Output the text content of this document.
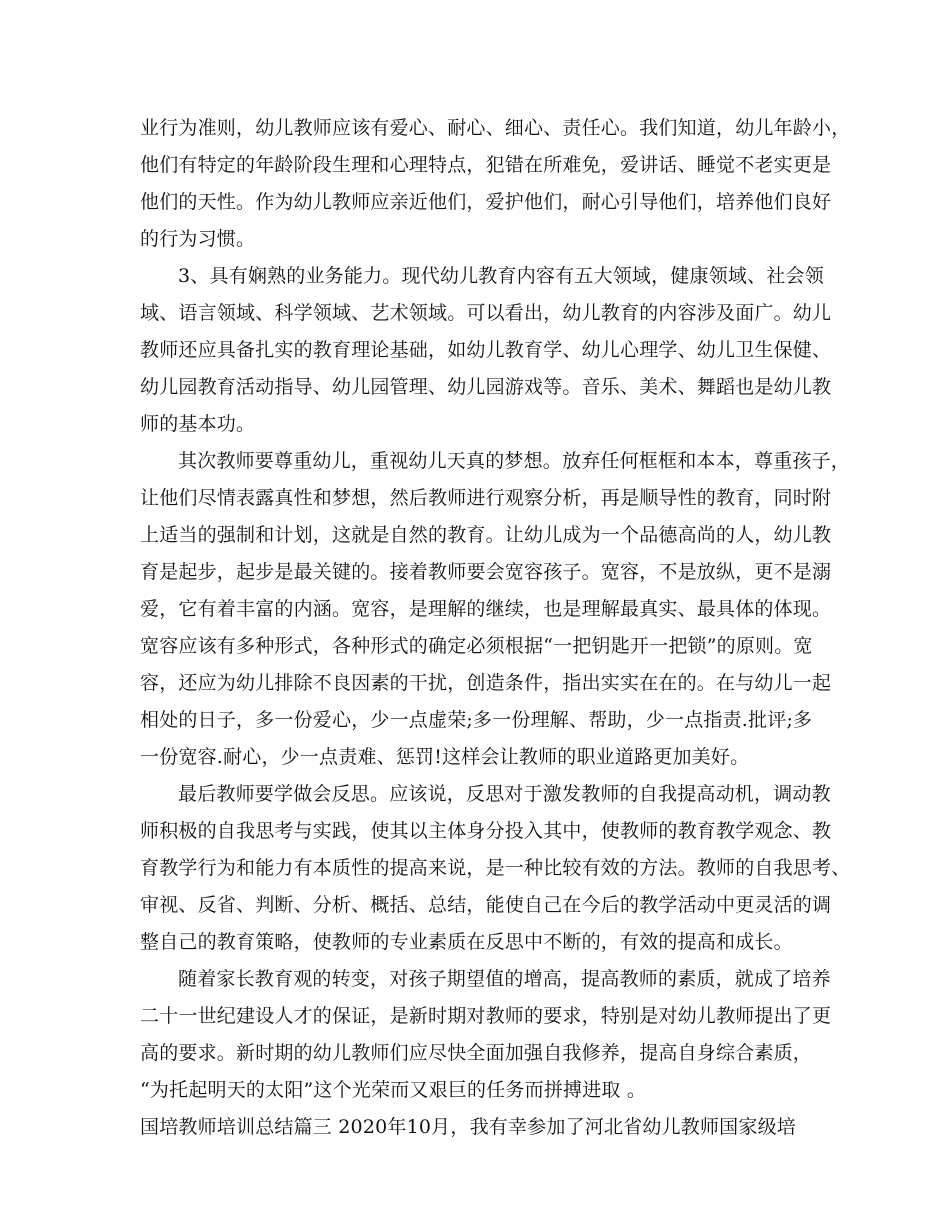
业行为准则，幼儿教师应该有爱心、耐心、细心、责任心。我们知道，幼儿年龄小，
他们有特定的年龄阶段生理和心理特点，犯错在所难免，爱讲话、睡觉不老实更是
他们的天性。作为幼儿教师应亲近他们，爱护他们，耐心引导他们，培养他们良好
的行为习惯。
3、具有娴熟的业务能力。现代幼儿教育内容有五大领域，健康领域、社会领
域、语言领域、科学领域、艺术领域。可以看出，幼儿教育的内容涉及面广。幼儿
教师还应具备扎实的教育理论基础，如幼儿教育学、幼儿心理学、幼儿卫生保健、
幼儿园教育活动指导、幼儿园管理、幼儿园游戏等。音乐、美术、舞蹈也是幼儿教
师的基本功。
其次教师要尊重幼儿，重视幼儿天真的梦想。放弃任何框框和本本，尊重孩子，
让他们尽情表露真性和梦想，然后教师进行观察分析，再是顺导性的教育，同时附
上适当的强制和计划，这就是自然的教育。让幼儿成为一个品德高尚的人，幼儿教
育是起步，起步是最关键的。接着教师要会宽容孩子。宽容，不是放纵，更不是溺
爱，它有着丰富的内涵。宽容，是理解的继续，也是理解最真实、最具体的体现。
宽容应该有多种形式，各种形式的确定必须根据“一把钥匙开一把锁”的原则。宽
容，还应为幼儿排除不良因素的干扰，创造条件，指出实实在在的。在与幼儿一起
相处的日子，多一份爱心，少一点虚荣;多一份理解、帮助，少一点指责.批评;多
一份宽容.耐心，少一点责难、惩罚!这样会让教师的职业道路更加美好。
最后教师要学做会反思。应该说，反思对于激发教师的自我提高动机，调动教
师积极的自我思考与实践，使其以主体身分投入其中，使教师的教育教学观念、教
育教学行为和能力有本质性的提高来说，是一种比较有效的方法。教师的自我思考、
审视、反省、判断、分析、概括、总结，能使自己在今后的教学活动中更灵活的调
整自己的教育策略，使教师的专业素质在反思中不断的，有效的提高和成长。
随着家长教育观的转变，对孩子期望值的增高，提高教师的素质，就成了培养
二十一世纪建设人才的保证，是新时期对教师的要求，特别是对幼儿教师提出了更
高的要求。新时期的幼儿教师们应尽快全面加强自我修养，提高自身综合素质，
“为托起明天的太阳”这个光荣而又艰巨的任务而拼搏进取 。
国培教师培训总结篇三 2020年10月，我有幸参加了河北省幼儿教师国家级培
